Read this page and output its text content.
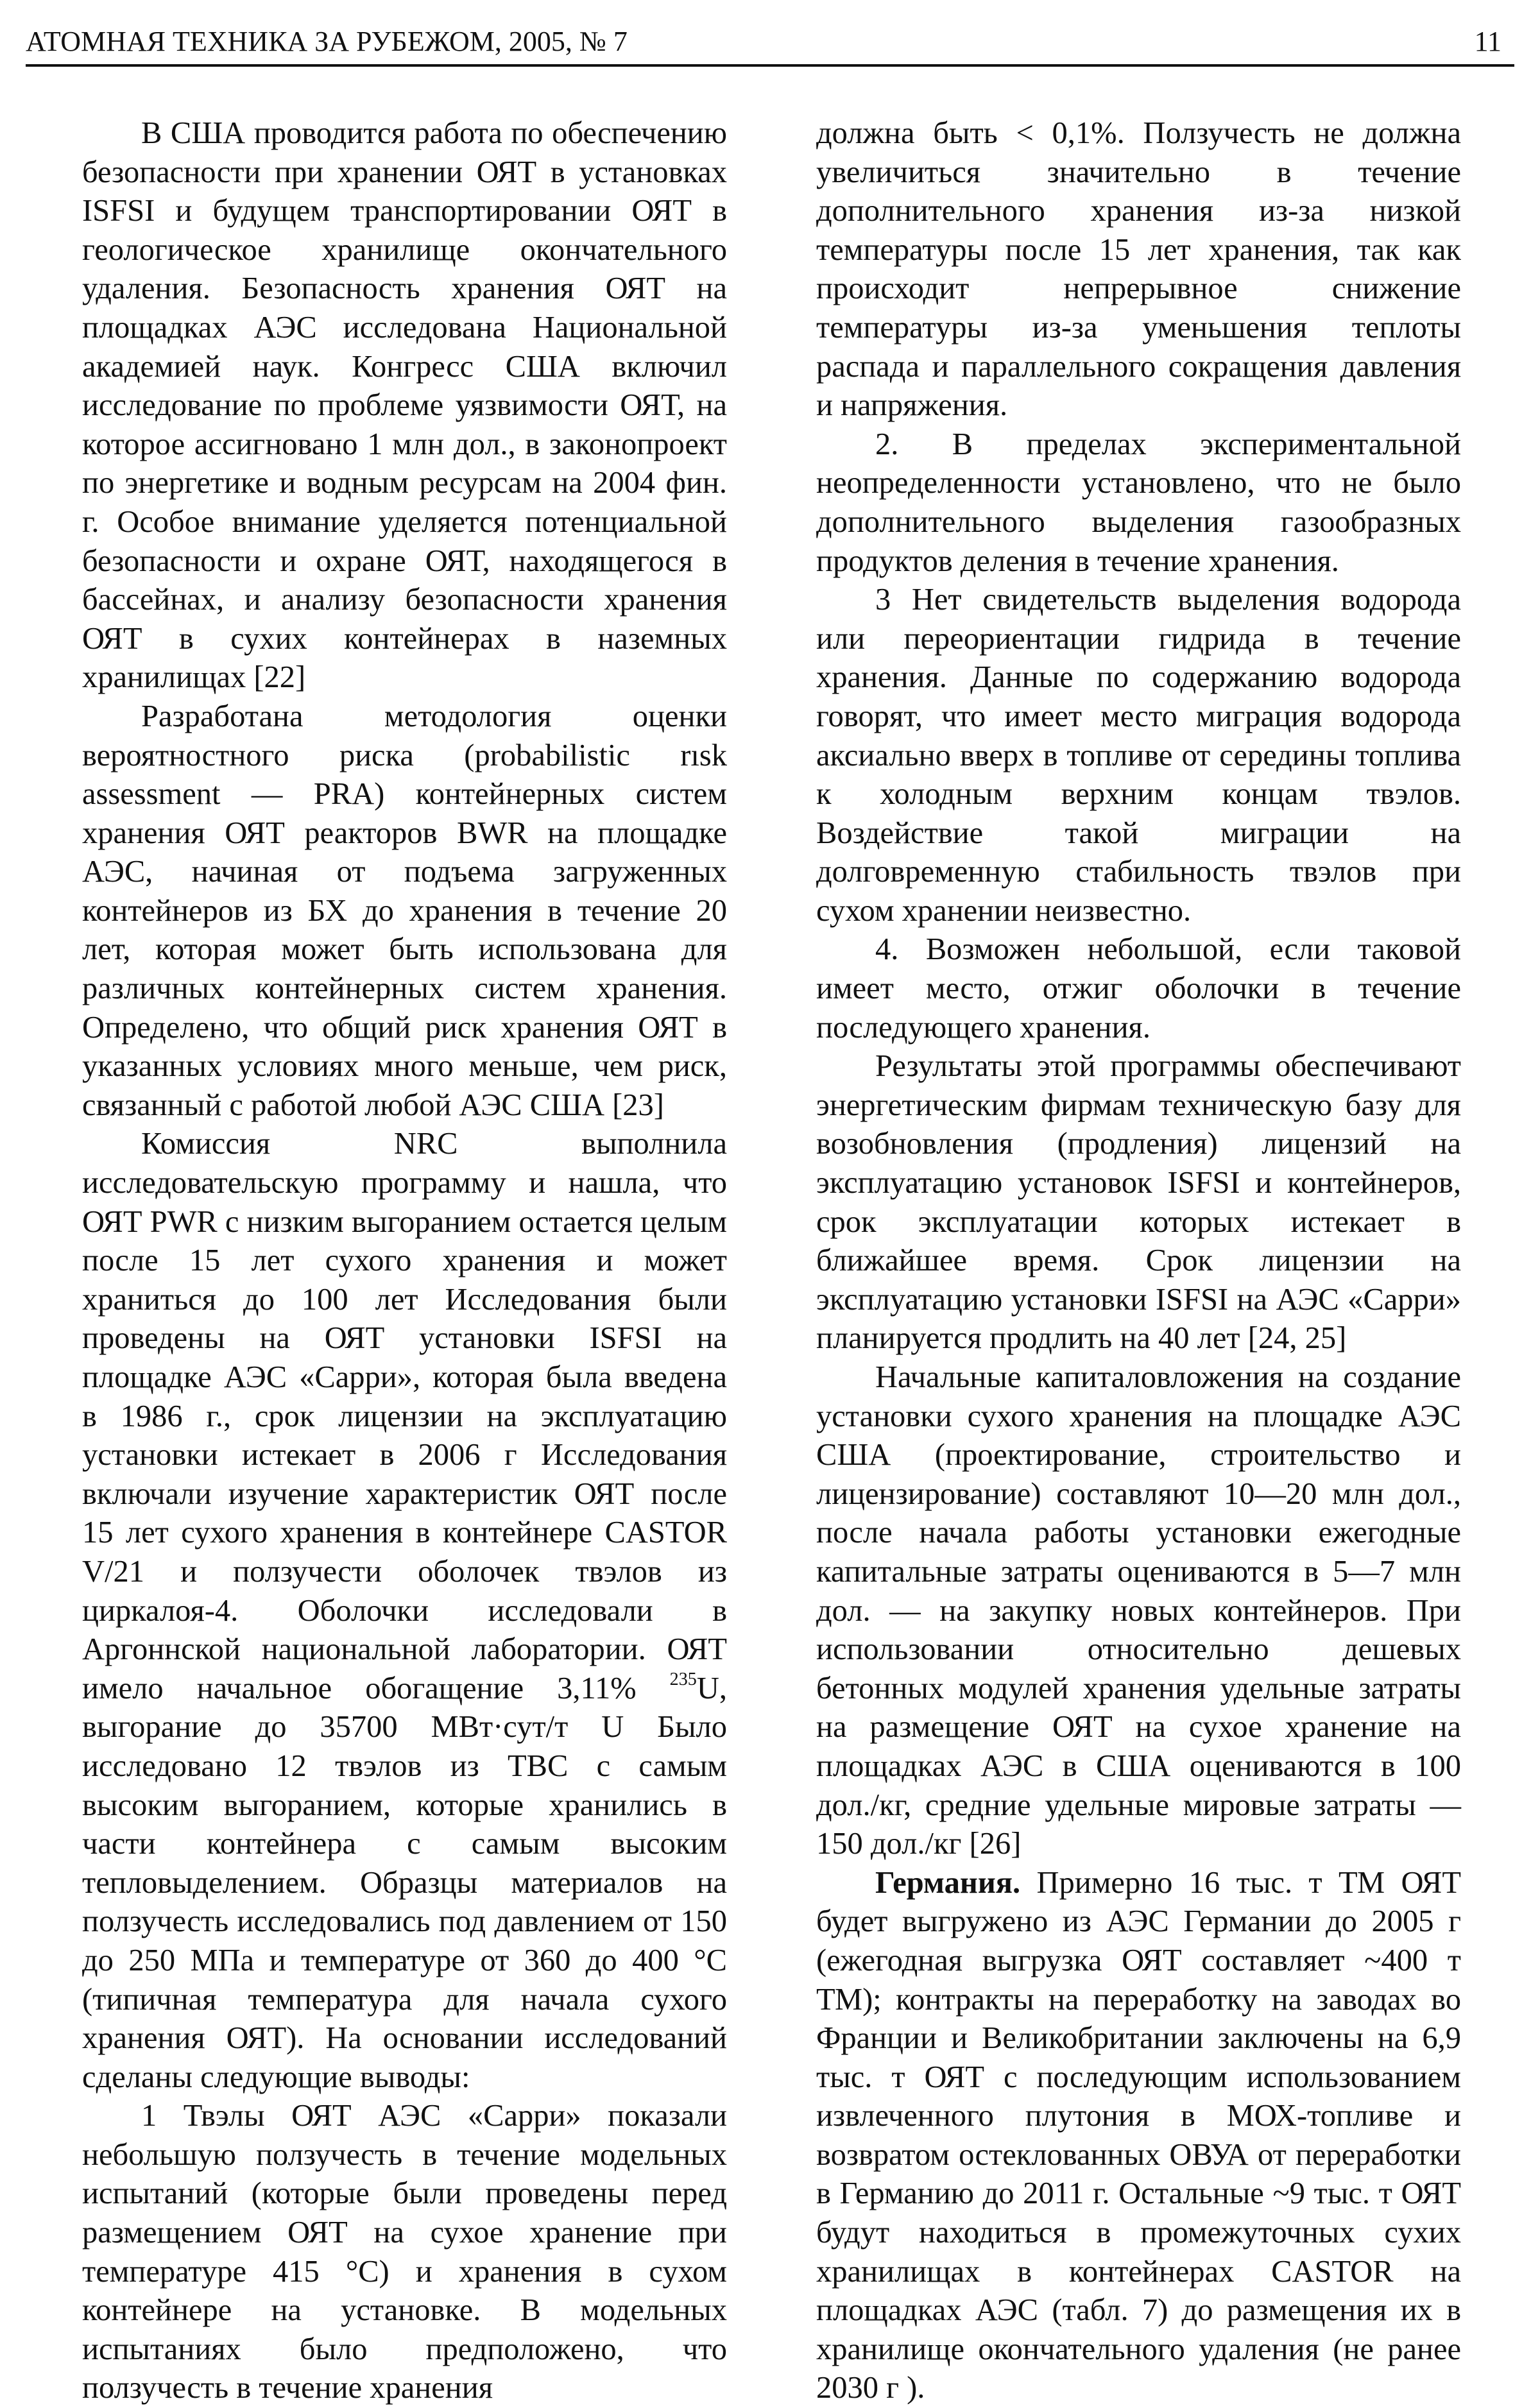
АТОМНАЯ ТЕХНИКА ЗА РУБЕЖОМ, 2005, № 7	11

В США проводится работа по обеспечению безопасности при хранении ОЯТ в установках ISFSI и будущем транспортировании ОЯТ в геологическое хранилище окончательного удаления. Безопасность хранения ОЯТ на площадках АЭС исследована Национальной академией наук. Конгресс США включил исследование по проблеме уязвимости ОЯТ, на которое ассигновано 1 млн дол., в законопроект по энергетике и водным ресурсам на 2004 фин. г. Особое внимание уделяется потенциальной безопасности и охране ОЯТ, находящегося в бассейнах, и анализу безопасности хранения ОЯТ в сухих контейнерах в наземных хранилищах [22]

Разработана методология оценки вероятностного риска (probabilistic rısk assessment — PRA) контейнерных систем хранения ОЯТ реакторов BWR на площадке АЭС, начиная от подъема загруженных контейнеров из БХ до хранения в течение 20 лет, которая может быть использована для различных контейнерных систем хранения. Определено, что общий риск хранения ОЯТ в указанных условиях много меньше, чем риск, связанный с работой любой АЭС США [23]

Комиссия NRC выполнила исследовательскую программу и нашла, что ОЯТ PWR с низким выгоранием остается целым после 15 лет сухого хранения и может храниться до 100 лет Исследования были проведены на ОЯТ установки ISFSI на площадке АЭС «Сарри», которая была введена в 1986 г., срок лицензии на эксплуатацию установки истекает в 2006 г Исследования включали изучение характеристик ОЯТ после 15 лет сухого хранения в контейнере CASTOR V/21 и ползучести оболочек твэлов из циркалоя-4. Оболочки исследовали в Аргоннской национальной лаборатории. ОЯТ имело начальное обогащение 3,11% $^{235}$U, выгорание до 35700 МВт·сут/т U Было исследовано 12 твэлов из ТВС с самым высоким выгоранием, которые хранились в части контейнера с самым высоким тепловыделением. Образцы материалов на ползучесть исследовались под давлением от 150 до 250 МПа и температуре от 360 до 400 °С (типичная температура для начала сухого хранения ОЯТ). На основании исследований сделаны следующие выводы:

1 Твэлы ОЯТ АЭС «Сарри» показали небольшую ползучесть в течение модельных испытаний (которые были проведены перед размещением ОЯТ на сухое хранение при температуре 415 °С) и хранения в сухом контейнере на установке. В модельных испытаниях было предположено, что ползучесть в течение хранения

должна быть < 0,1%. Ползучесть не должна увеличиться значительно в течение дополнительного хранения из-за низкой температуры после 15 лет хранения, так как происходит непрерывное снижение температуры из-за уменьшения теплоты распада и параллельного сокращения давления и напряжения.

2. В пределах экспериментальной неопределенности установлено, что не было дополнительного выделения газообразных продуктов деления в течение хранения.

3 Нет свидетельств выделения водорода или переориентации гидрида в течение хранения. Данные по содержанию водорода говорят, что имеет место миграция водорода аксиально вверх в топливе от середины топлива к холодным верхним концам твэлов. Воздействие такой миграции на долговременную стабильность твэлов при сухом хранении неизвестно.

4. Возможен небольшой, если таковой имеет место, отжиг оболочки в течение последующего хранения.

Результаты этой программы обеспечивают энергетическим фирмам техническую базу для возобновления (продления) лицензий на эксплуатацию установок ISFSI и контейнеров, срок эксплуатации которых истекает в ближайшее время. Срок лицензии на эксплуатацию установки ISFSI на АЭС «Сарри» планируется продлить на 40 лет [24, 25]

Начальные капиталовложения на создание установки сухого хранения на площадке АЭС США (проектирование, строительство и лицензирование) составляют 10—20 млн дол., после начала работы установки ежегодные капитальные затраты оцениваются в 5—7 млн дол. — на закупку новых контейнеров. При использовании относительно дешевых бетонных модулей хранения удельные затраты на размещение ОЯТ на сухое хранение на площадках АЭС в США оцениваются в 100 дол./кг, средние удельные мировые затраты — 150 дол./кг [26]

Германия. Примерно 16 тыс. т ТМ ОЯТ будет выгружено из АЭС Германии до 2005 г (ежегодная выгрузка ОЯТ составляет ~400 т ТМ); контракты на переработку на заводах во Франции и Великобритании заключены на 6,9 тыс. т ОЯТ с последующим использованием извлеченного плутония в МОХ-топливе и возвратом остеклованных ОВУА от переработки в Германию до 2011 г. Остальные ~9 тыс. т ОЯТ будут находиться в промежуточных сухих хранилищах в контейнерах CASTOR на площадках АЭС (табл. 7) до размещения их в хранилище окончательного удаления (не ранее 2030 г ).
